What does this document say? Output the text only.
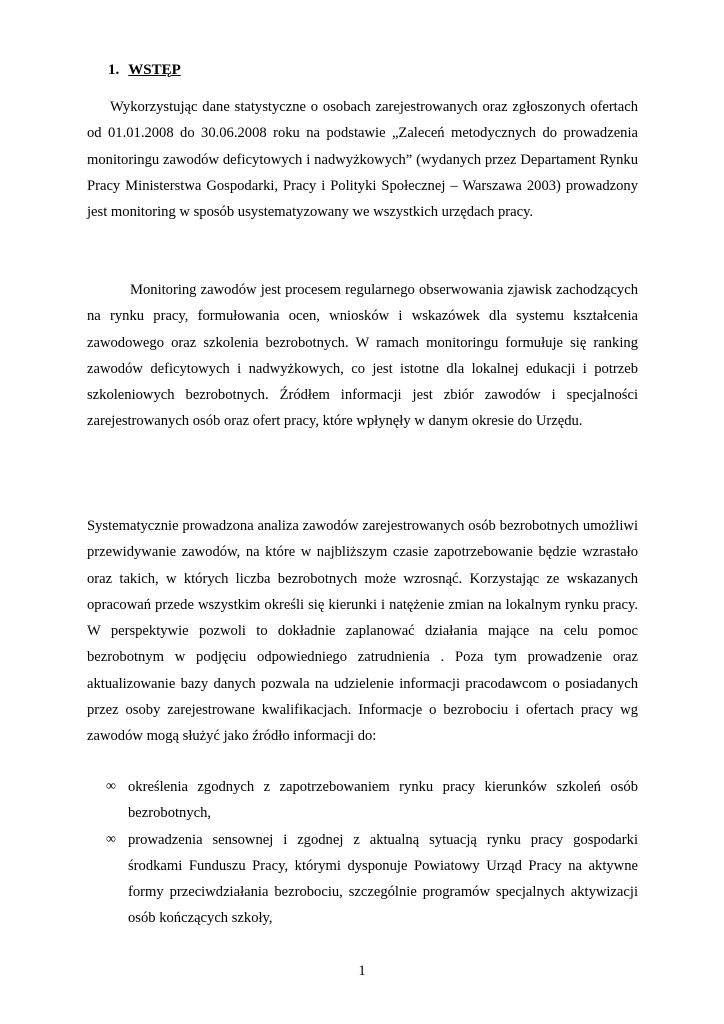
1. WSTĘP

Wykorzystując dane statystyczne o osobach zarejestrowanych oraz zgłoszonych ofertach od 01.01.2008 do 30.06.2008 roku na podstawie „Zaleceń metodycznych do prowadzenia monitoringu zawodów deficytowych i nadwyżkowych” (wydanych przez Departament Rynku Pracy Ministerstwa Gospodarki, Pracy i Polityki Społecznej – Warszawa 2003) prowadzony jest monitoring w sposób usystematyzowany we wszystkich urzędach pracy.

Monitoring zawodów jest procesem regularnego obserwowania zjawisk zachodzących na rynku pracy, formułowania ocen, wniosków i wskazówek dla systemu kształcenia zawodowego oraz szkolenia bezrobotnych. W ramach monitoringu formułuje się ranking zawodów deficytowych i nadwyżkowych, co jest istotne dla lokalnej edukacji i potrzeb szkoleniowych bezrobotnych. Źródłem informacji jest zbiór zawodów i specjalności zarejestrowanych osób oraz ofert pracy, które wpłynęły w danym okresie do Urzędu.

Systematycznie prowadzona analiza zawodów zarejestrowanych osób bezrobotnych umożliwi przewidywanie zawodów, na które w najbliższym czasie zapotrzebowanie będzie wzrastało oraz takich, w których liczba bezrobotnych może wzrosnąć. Korzystając ze wskazanych opracowań przede wszystkim określi się kierunki i natężenie zmian na lokalnym rynku pracy. W perspektywie pozwoli to dokładnie zaplanować działania mające na celu pomoc bezrobotnym w podjęciu odpowiedniego zatrudnienia . Poza tym prowadzenie oraz aktualizowanie bazy danych pozwala na udzielenie informacji pracodawcom o posiadanych przez osoby zarejestrowane kwalifikacjach. Informacje o bezrobociu i ofertach pracy wg zawodów mogą służyć jako źródło informacji do:

∞ określenia zgodnych z zapotrzebowaniem rynku pracy kierunków szkoleń osób bezrobotnych,
∞ prowadzenia sensownej i zgodnej z aktualną sytuacją rynku pracy gospodarki środkami Funduszu Pracy, którymi dysponuje Powiatowy Urząd Pracy na aktywne formy przeciwdziałania bezrobociu, szczególnie programów specjalnych aktywizacji osób kończących szkoły,
1
